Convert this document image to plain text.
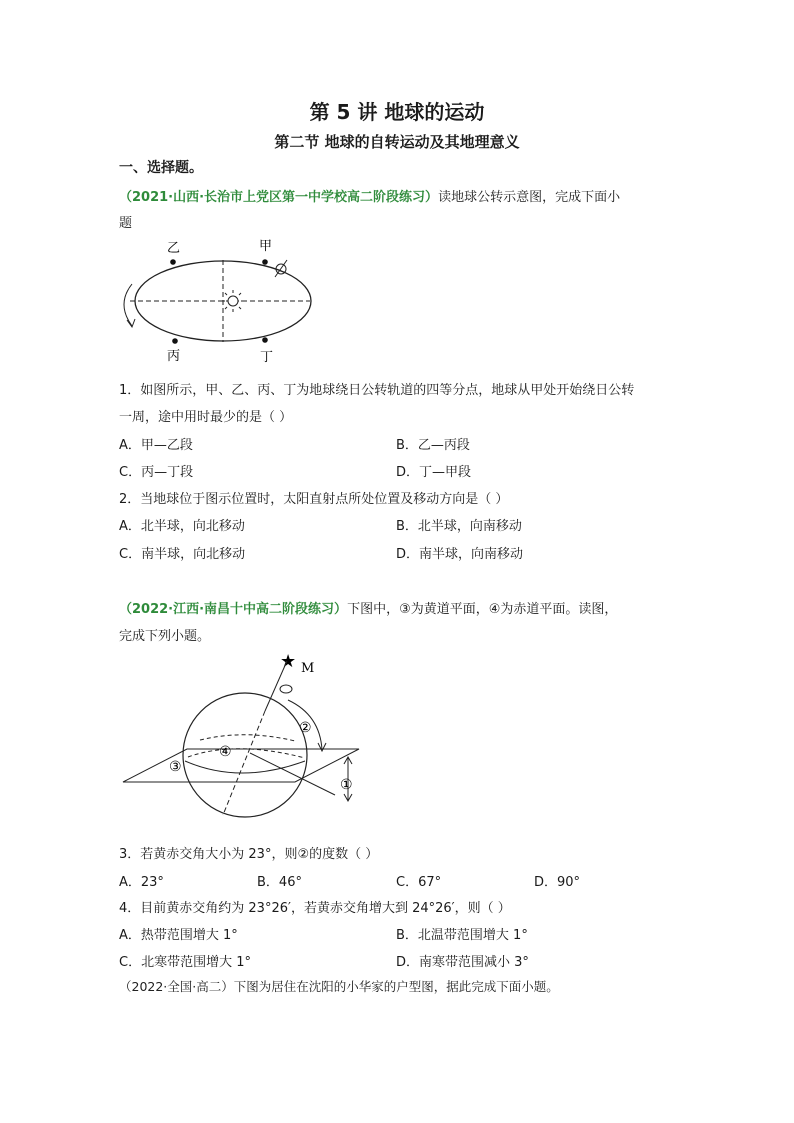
第 5 讲 地球的运动
第二节 地球的自转运动及其地理意义
一、选择题。
（2021·山西·长治市上党区第一中学校高二阶段练习）读地球公转示意图，完成下面小
题
乙	甲
丙	丁
1．如图所示，甲、乙、丙、丁为地球绕日公转轨道的四等分点，地球从甲处开始绕日公转
一周，途中用时最少的是（ ）
A．甲—乙段	B．乙—丙段
C．丙—丁段	D．丁—甲段
2．当地球位于图示位置时，太阳直射点所处位置及移动方向是（ ）
A．北半球，向北移动	B．北半球，向南移动
C．南半球，向北移动	D．南半球，向南移动
（2022·江西·南昌十中高二阶段练习）下图中，③为黄道平面，④为赤道平面。读图，
完成下列小题。
★ M
②
①
③
④
3．若黄赤交角大小为 23°，则②的度数（ ）
A．23°	B．46°	C．67°	D．90°
4．目前黄赤交角约为 23°26′，若黄赤交角增大到 24°26′，则（ ）
A．热带范围增大 1°	B．北温带范围增大 1°
C．北寒带范围增大 1°	D．南寒带范围减小 3°
（2022·全国·高二）下图为居住在沈阳的小华家的户型图，据此完成下面小题。
